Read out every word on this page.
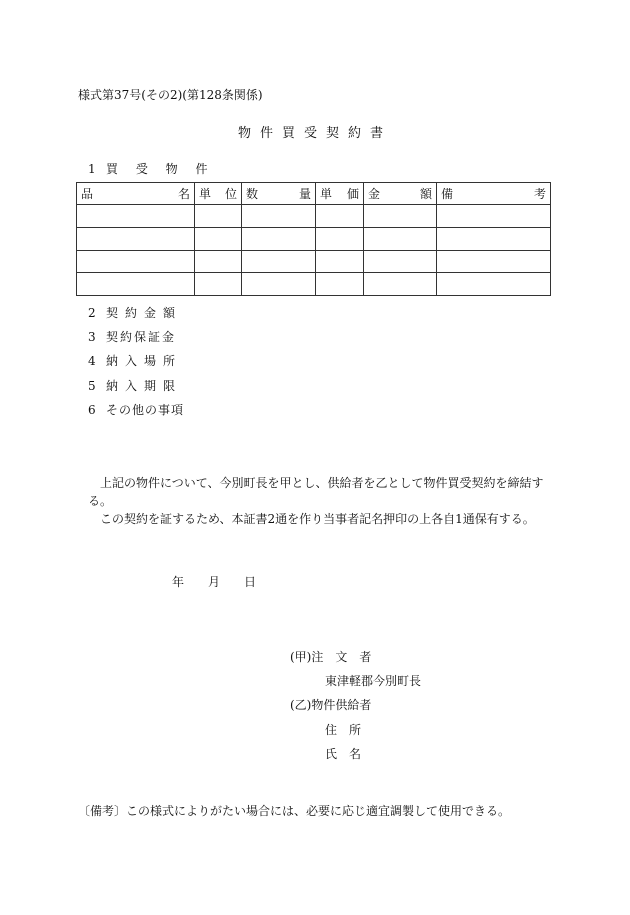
様式第37号(その2)(第128条関係)
物件買受契約書
1 買 受 物 件
品 名	単 位	数 量	単 価	金 額	備 考

2 契約金額
3 契約保証金
4 納入場所
5 納入期限
6 その他の事項

上記の物件について、今別町長を甲とし、供給者を乙として物件買受契約を締結する。

この契約を証するため、本証書2通を作り当事者記名押印の上各自1通保有する。

年 月 日
(甲)注　文　者
東津軽郡今別町長
(乙)物件供給者
住　所
氏　名
〔備考〕この様式によりがたい場合には、必要に応じ適宜調製して使用できる。
